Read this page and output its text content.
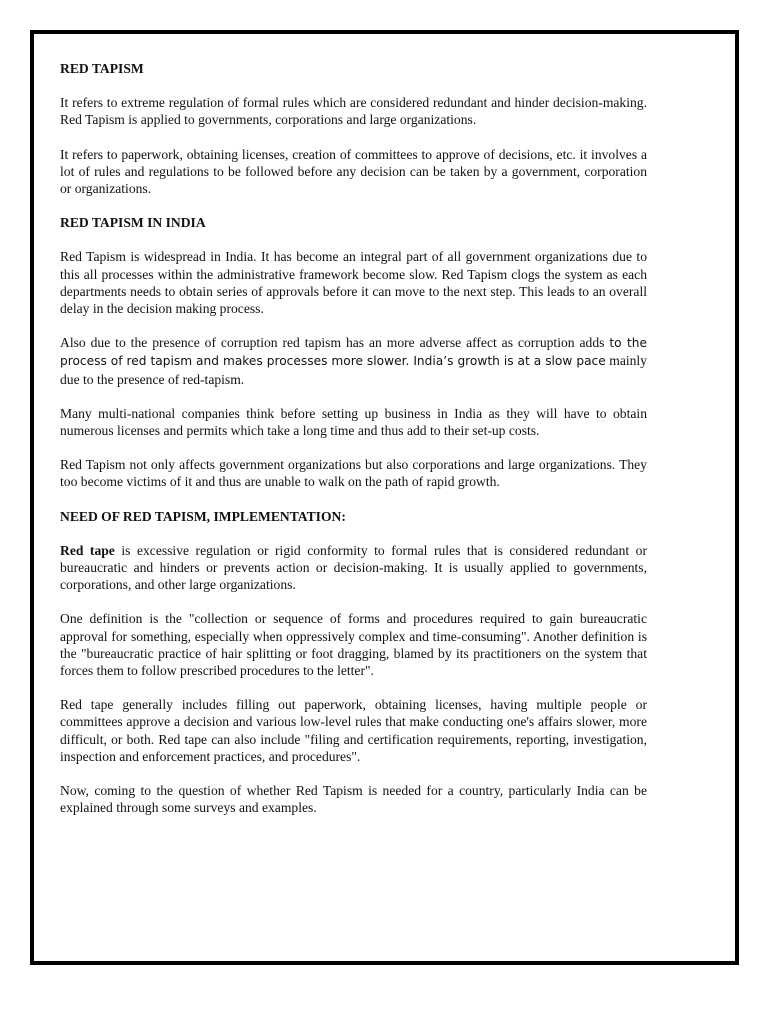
RED TAPISM

It refers to extreme regulation of formal rules which are considered redundant and hinder decision-making. Red Tapism is applied to governments, corporations and large organizations.

It refers to paperwork, obtaining licenses, creation of committees to approve of decisions, etc. it involves a lot of rules and regulations to be followed before any decision can be taken by a government, corporation or organizations.

RED TAPISM IN INDIA

Red Tapism is widespread in India. It has become an integral part of all government organizations due to this all processes within the administrative framework become slow. Red Tapism clogs the system as each departments needs to obtain series of approvals before it can move to the next step. This leads to an overall delay in the decision making process.

Also due to the presence of corruption red tapism has an more adverse affect as corruption adds to the process of red tapism and makes processes more slower. India’s growth is at a slow pace mainly due to the presence of red-tapism.

Many multi-national companies think before setting up business in India as they will have to obtain numerous licenses and permits which take a long time and thus add to their set-up costs.

Red Tapism not only affects government organizations but also corporations and large organizations. They too become victims of it and thus are unable to walk on the path of rapid growth.

NEED OF RED TAPISM, IMPLEMENTATION:

Red tape is excessive regulation or rigid conformity to formal rules that is considered redundant or bureaucratic and hinders or prevents action or decision-making. It is usually applied to governments, corporations, and other large organizations.

One definition is the "collection or sequence of forms and procedures required to gain bureaucratic approval for something, especially when oppressively complex and time-consuming". Another definition is the "bureaucratic practice of hair splitting or foot dragging, blamed by its practitioners on the system that forces them to follow prescribed procedures to the letter".

Red tape generally includes filling out paperwork, obtaining licenses, having multiple people or committees approve a decision and various low-level rules that make conducting one's affairs slower, more difficult, or both. Red tape can also include "filing and certification requirements, reporting, investigation, inspection and enforcement practices, and procedures".

Now, coming to the question of whether Red Tapism is needed for a country, particularly India can be explained through some surveys and examples.
